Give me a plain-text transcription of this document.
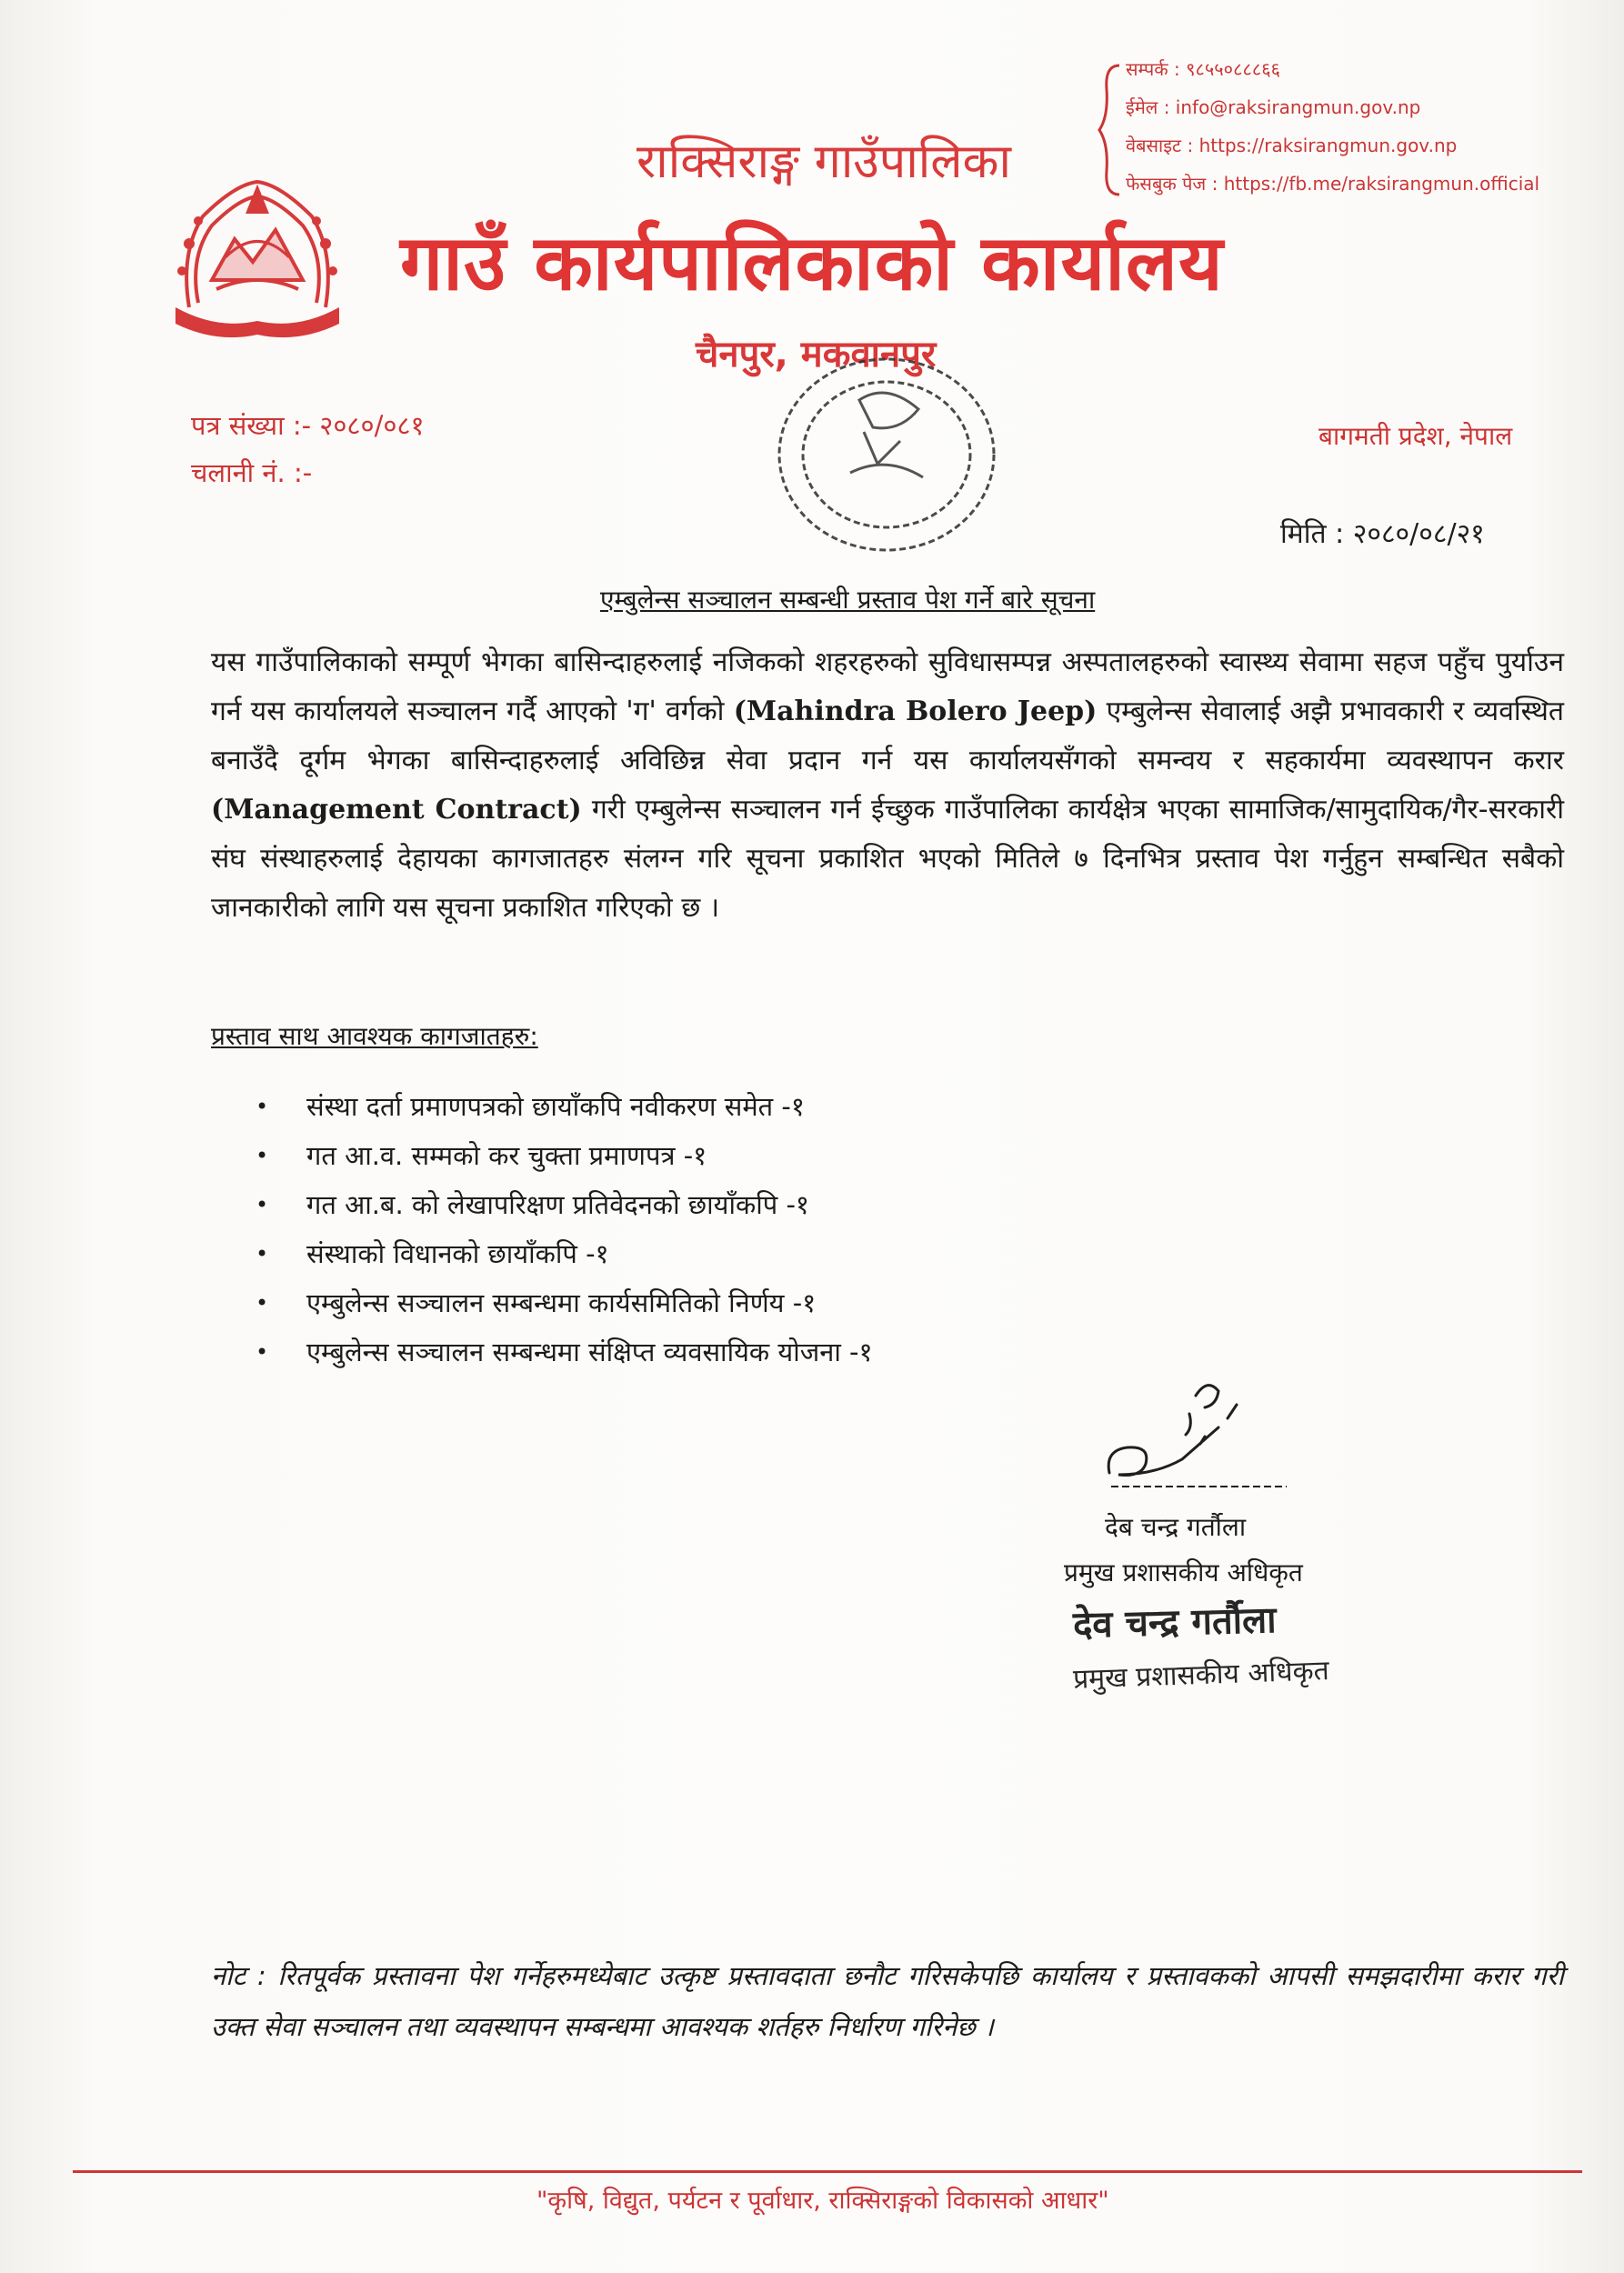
सम्पर्क : ९८५५०८८८६६
ईमेल : info@raksirangmun.gov.np
वेबसाइट : https://raksirangmun.gov.np
फेसबुक पेज : https://fb.me/raksirangmun.official
राक्सिराङ्ग गाउँपालिका
गाउँ कार्यपालिकाको कार्यालय
चैनपुर, मकवानपुर
पत्र संख्या :- २०८०/०८१
चलानी नं. :-
बागमती प्रदेश, नेपाल
मिति : २०८०/०८/२१
एम्बुलेन्स सञ्चालन सम्बन्धी प्रस्ताव पेश गर्ने बारे सूचना
यस गाउँपालिकाको सम्पूर्ण भेगका बासिन्दाहरुलाई नजिकको शहरहरुको सुविधासम्पन्न अस्पतालहरुको स्वास्थ्य सेवामा सहज पहुँच पुर्याउन गर्न यस कार्यालयले सञ्चालन गर्दै आएको 'ग' वर्गको (Mahindra Bolero Jeep) एम्बुलेन्स सेवालाई अझै प्रभावकारी र व्यवस्थित बनाउँदै दूर्गम भेगका बासिन्दाहरुलाई अविछिन्न सेवा प्रदान गर्न यस कार्यालयसँगको समन्वय र सहकार्यमा व्यवस्थापन करार (Management Contract) गरी एम्बुलेन्स सञ्चालन गर्न ईच्छुक गाउँपालिका कार्यक्षेत्र भएका सामाजिक/सामुदायिक/गैर-सरकारी संघ संस्थाहरुलाई देहायका कागजातहरु संलग्न गरि सूचना प्रकाशित भएको मितिले ७ दिनभित्र प्रस्ताव पेश गर्नुहुन सम्बन्धित सबैको जानकारीको लागि यस सूचना प्रकाशित गरिएको छ ।
प्रस्ताव साथ आवश्यक कागजातहरु:
• संस्था दर्ता प्रमाणपत्रको छायाँकपि नवीकरण समेत -१
• गत आ.व. सम्मको कर चुक्ता प्रमाणपत्र -१
• गत आ.ब. को लेखापरिक्षण प्रतिवेदनको छायाँकपि -१
• संस्थाको विधानको छायाँकपि -१
• एम्बुलेन्स सञ्चालन सम्बन्धमा कार्यसमितिको निर्णय -१
• एम्बुलेन्स सञ्चालन सम्बन्धमा संक्षिप्त व्यवसायिक योजना -१
देब चन्द्र गर्तौला
प्रमुख प्रशासकीय अधिकृत
देव चन्द्र गर्तौला
प्रमुख प्रशासकीय अधिकृत
नोट : रितपूर्वक प्रस्तावना पेश गर्नेहरुमध्येबाट उत्कृष्ट प्रस्तावदाता छनौट गरिसकेपछि कार्यालय र प्रस्तावकको आपसी समझदारीमा करार गरी उक्त सेवा सञ्चालन तथा व्यवस्थापन सम्बन्धमा आवश्यक शर्तहरु निर्धारण गरिनेछ ।
"कृषि, विद्युत, पर्यटन र पूर्वाधार, राक्सिराङ्गको विकासको आधार"
